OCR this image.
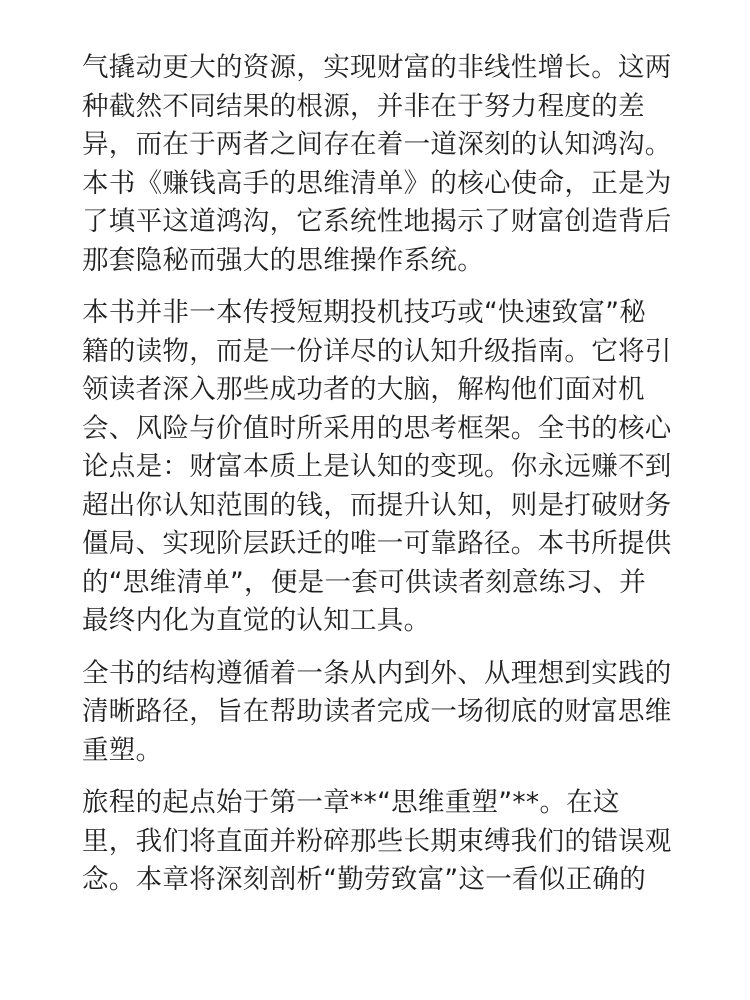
气撬动更大的资源，实现财富的非线性增长。这两
种截然不同结果的根源，并非在于努力程度的差
异，而在于两者之间存在着一道深刻的认知鸿沟。
本书《赚钱高手的思维清单》的核心使命，正是为
了填平这道鸿沟，它系统性地揭示了财富创造背后
那套隐秘而强大的思维操作系统。
本书并非一本传授短期投机技巧或“快速致富”秘
籍的读物，而是一份详尽的认知升级指南。它将引
领读者深入那些成功者的大脑，解构他们面对机
会、风险与价值时所采用的思考框架。全书的核心
论点是：财富本质上是认知的变现。你永远赚不到
超出你认知范围的钱，而提升认知，则是打破财务
僵局、实现阶层跃迁的唯一可靠路径。本书所提供
的“思维清单”，便是一套可供读者刻意练习、并
最终内化为直觉的认知工具。
全书的结构遵循着一条从内到外、从理想到实践的
清晰路径，旨在帮助读者完成一场彻底的财富思维
重塑。
旅程的起点始于第一章**“思维重塑”**。在这
里，我们将直面并粉碎那些长期束缚我们的错误观
念。本章将深刻剖析“勤劳致富”这一看似正确的
